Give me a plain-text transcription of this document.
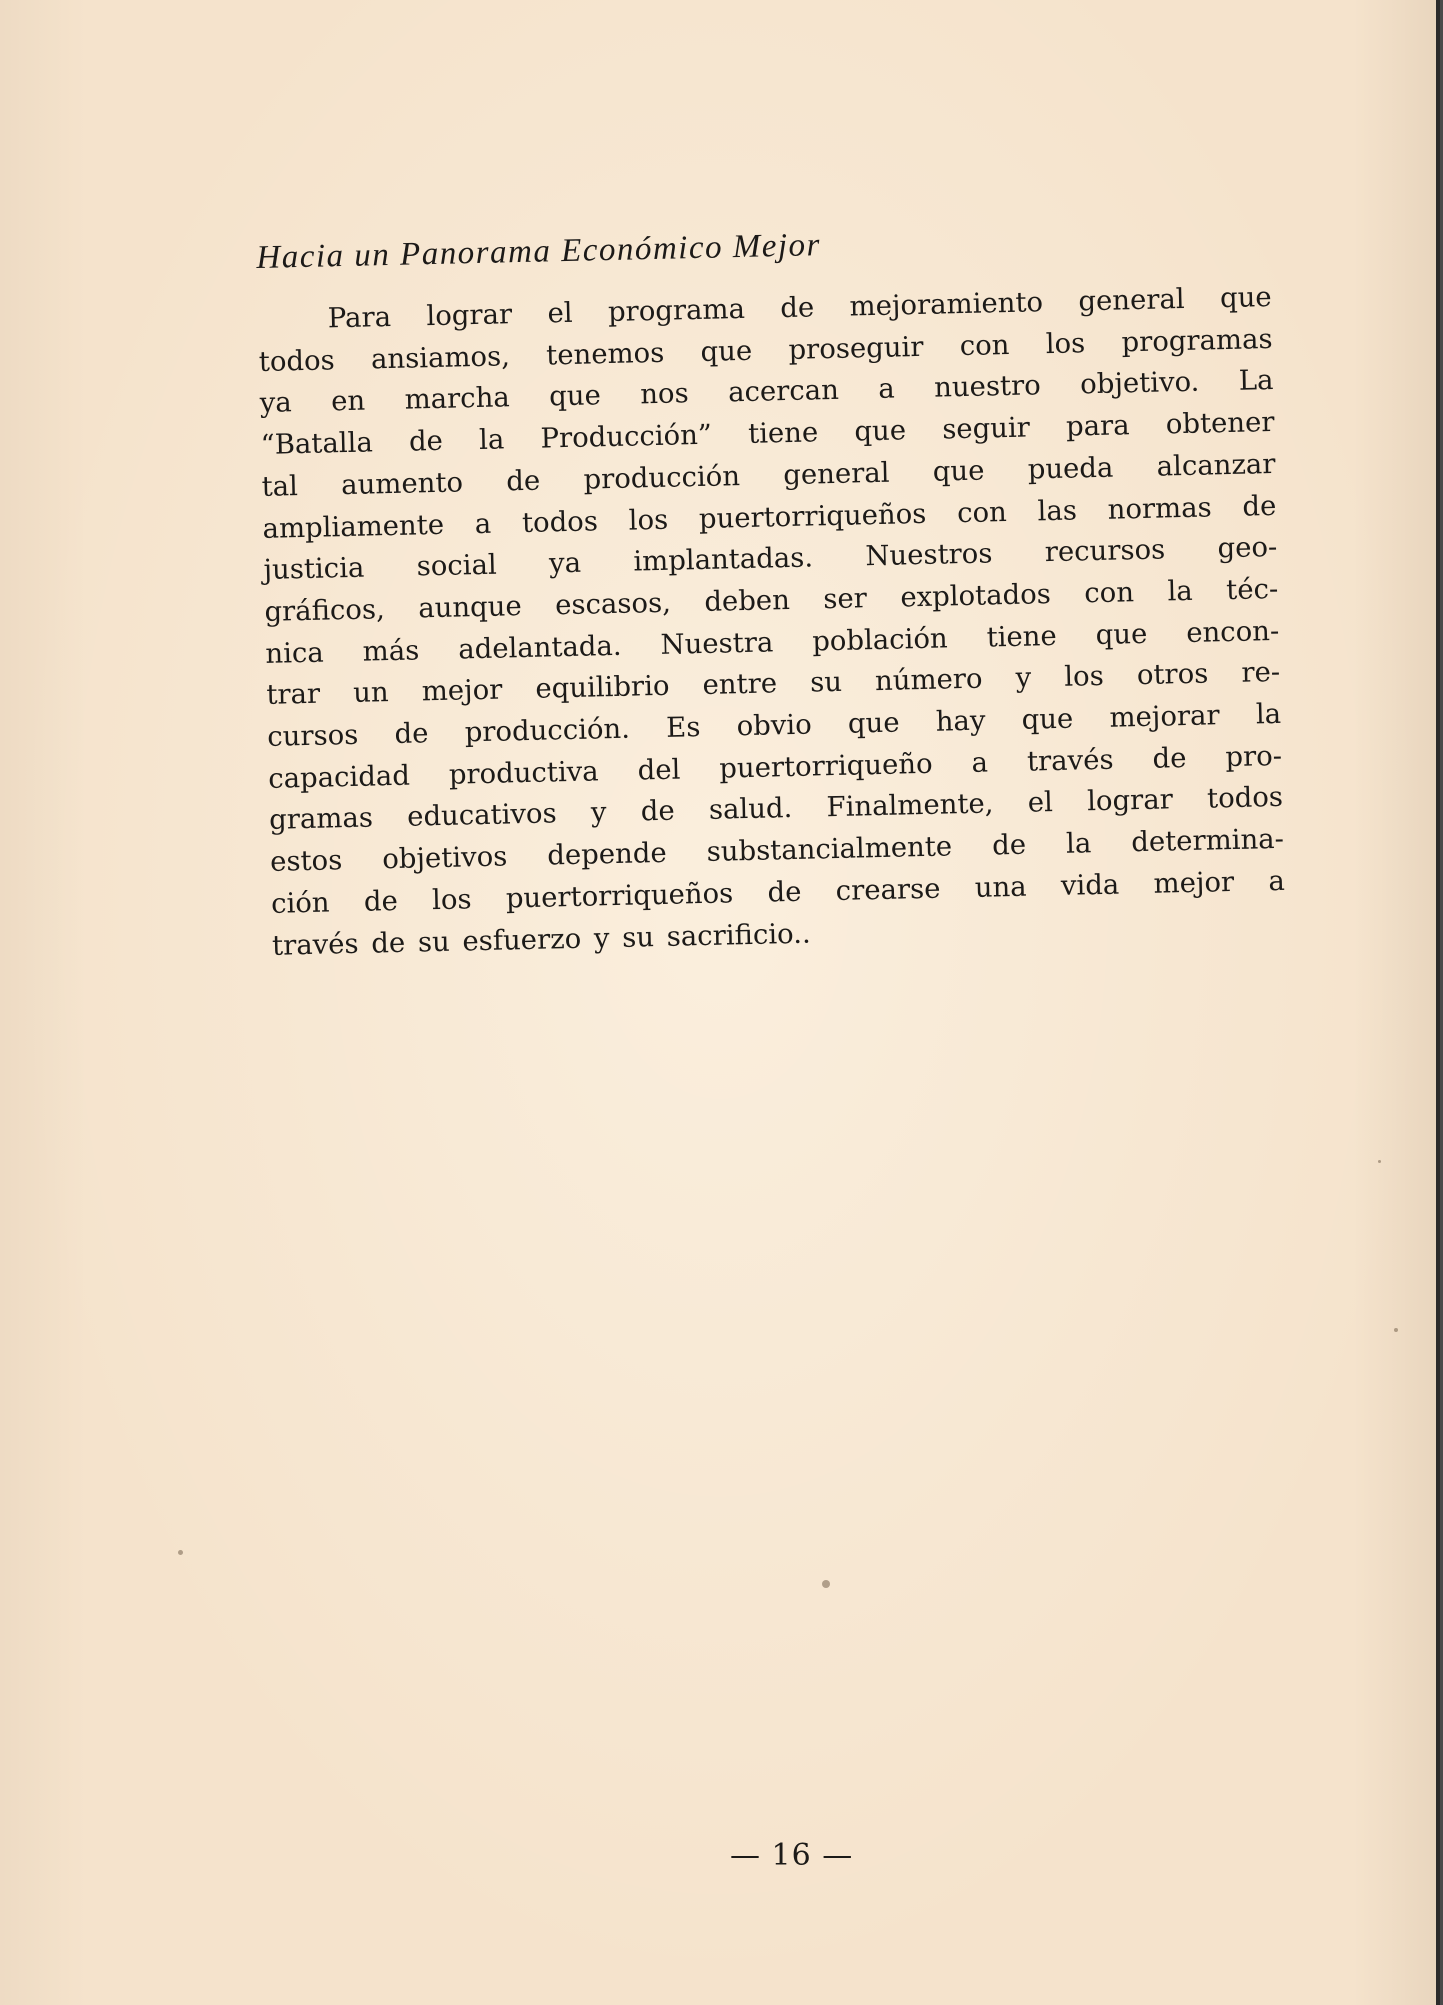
Hacia un Panorama Económico Mejor

Para lograr el programa de mejoramiento general que
todos ansiamos, tenemos que proseguir con los programas
ya en marcha que nos acercan a nuestro objetivo. La
“Batalla de la Producción” tiene que seguir para obtener
tal aumento de producción general que pueda alcanzar
ampliamente a todos los puertorriqueños con las normas de
justicia social ya implantadas. Nuestros recursos geo-
gráficos, aunque escasos, deben ser explotados con la téc-
nica más adelantada. Nuestra población tiene que encon-
trar un mejor equilibrio entre su número y los otros re-
cursos de producción. Es obvio que hay que mejorar la
capacidad productiva del puertorriqueño a través de pro-
gramas educativos y de salud. Finalmente, el lograr todos
estos objetivos depende substancialmente de la determina-
ción de los puertorriqueños de crearse una vida mejor a
través de su esfuerzo y su sacrificio..

— 16 —
